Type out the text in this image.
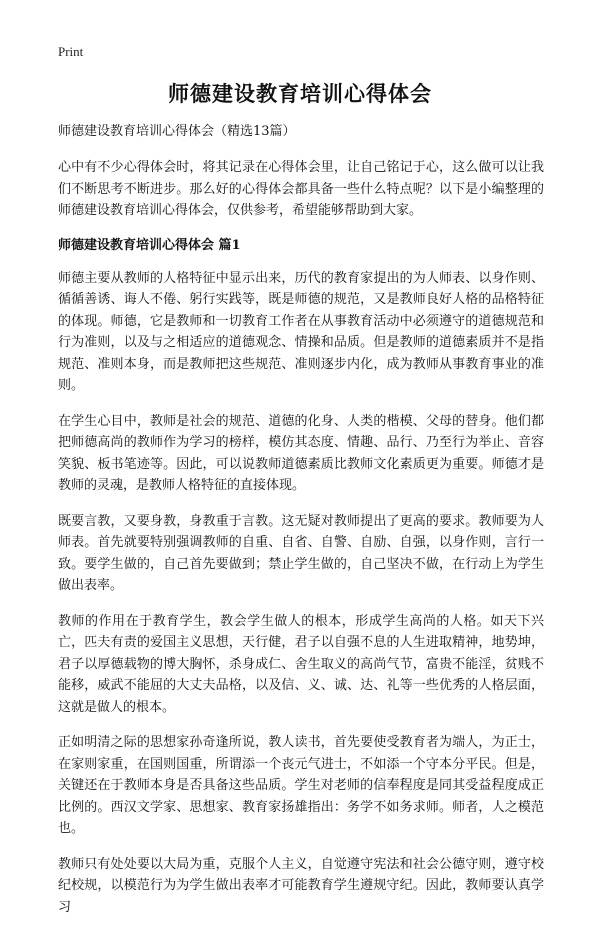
Print
师德建设教育培训心得体会

师德建设教育培训心得体会（精选13篇）

心中有不少心得体会时，将其记录在心得体会里，让自己铭记于心，这么做可以让我们不断思考不断进步。那么好的心得体会都具备一些什么特点呢？以下是小编整理的师德建设教育培训心得体会，仅供参考，希望能够帮助到大家。

师德建设教育培训心得体会 篇1

师德主要从教师的人格特征中显示出来，历代的教育家提出的为人师表、以身作则、循循善诱、诲人不倦、躬行实践等，既是师德的规范，又是教师良好人格的品格特征的体现。师德，它是教师和一切教育工作者在从事教育活动中必须遵守的道德规范和行为准则，以及与之相适应的道德观念、情操和品质。但是教师的道德素质并不是指规范、准则本身，而是教师把这些规范、准则逐步内化，成为教师从事教育事业的准则。

在学生心目中，教师是社会的规范、道德的化身、人类的楷模、父母的替身。他们都把师德高尚的教师作为学习的榜样，模仿其态度、情趣、品行、乃至行为举止、音容笑貌、板书笔迹等。因此，可以说教师道德素质比教师文化素质更为重要。师德才是教师的灵魂，是教师人格特征的直接体现。

既要言教，又要身教，身教重于言教。这无疑对教师提出了更高的要求。教师要为人师表。首先就要特别强调教师的自重、自省、自警、自励、自强，以身作则，言行一致。要学生做的，自己首先要做到；禁止学生做的，自己坚决不做，在行动上为学生做出表率。

教师的作用在于教育学生，教会学生做人的根本，形成学生高尚的人格。如天下兴亡，匹夫有责的爱国主义思想，天行健，君子以自强不息的人生进取精神，地势坤，君子以厚德载物的博大胸怀，杀身成仁、舍生取义的高尚气节，富贵不能淫，贫贱不能移，威武不能屈的大丈夫品格，以及信、义、诚、达、礼等一些优秀的人格层面，这就是做人的根本。

正如明清之际的思想家孙奇逢所说，教人读书，首先要使受教育者为端人，为正士，在家则家重，在国则国重，所谓添一个丧元气进士，不如添一个守本分平民。但是，关键还在于教师本身是否具备这些品质。学生对老师的信奉程度是同其受益程度成正比例的。西汉文学家、思想家、教育家扬雄指出：务学不如务求师。师者，人之模范也。

教师只有处处要以大局为重，克服个人主义，自觉遵守宪法和社会公德守则，遵守校纪校规，以模范行为为学生做出表率才可能教育学生遵规守纪。因此，教师要认真学习
